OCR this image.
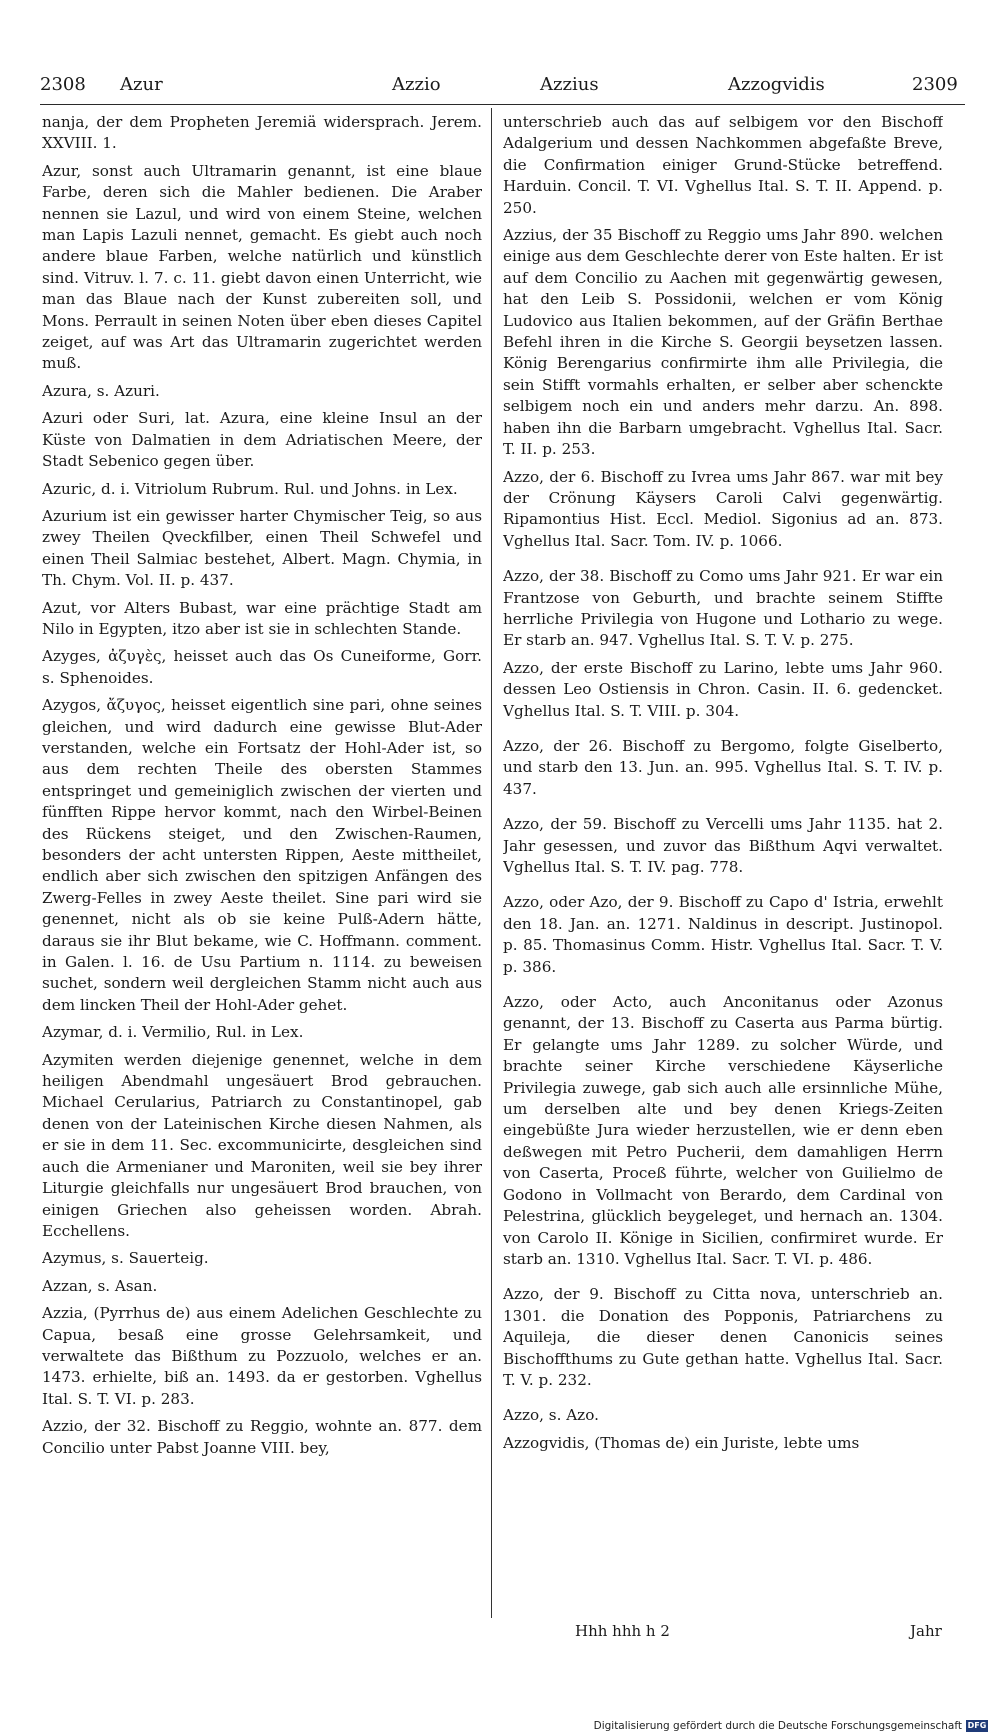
2308 Azur	Azzio	Azzius	Azzogvidis	2309

nanja, der dem Propheten Jeremiä widersprach. Jerem. XXVIII. 1.

Azur, sonst auch Ultramarin genannt, ist eine blaue Farbe, deren sich die Mahler bedienen. Die Araber nennen sie Lazul, und wird von einem Steine, welchen man Lapis Lazuli nennet, gemacht. Es giebt auch noch andere blaue Farben, welche natürlich und künstlich sind. Vitruv. l. 7. c. 11. giebt davon einen Unterricht, wie man das Blaue nach der Kunst zubereiten soll, und Mons. Perrault in seinen Noten über eben dieses Capitel zeiget, auf was Art das Ultramarin zugerichtet werden muß.

Azura, s. Azuri.

Azuri oder Suri, lat. Azura, eine kleine Insul an der Küste von Dalmatien in dem Adriatischen Meere, der Stadt Sebenico gegen über.

Azuric, d. i. Vitriolum Rubrum. Rul. und Johns. in Lex.

Azurium ist ein gewisser harter Chymischer Teig, so aus zwey Theilen Qveckfilber, einen Theil Schwefel und einen Theil Salmiac bestehet, Albert. Magn. Chymia, in Th. Chym. Vol. II. p. 437.

Azut, vor Alters Bubast, war eine prächtige Stadt am Nilo in Egypten, itzo aber ist sie in schlechten Stande.

Azyges, ἀζυγὲς, heisset auch das Os Cuneiforme, Gorr. s. Sphenoides.

Azygos, ἄζυγος, heisset eigentlich sine pari, ohne seines gleichen, und wird dadurch eine gewisse Blut-Ader verstanden, welche ein Fortsatz der Hohl-Ader ist, so aus dem rechten Theile des obersten Stammes entspringet und gemeiniglich zwischen der vierten und fünfften Rippe hervor kommt, nach den Wirbel-Beinen des Rückens steiget, und den Zwischen-Raumen, besonders der acht untersten Rippen, Aeste mittheilet, endlich aber sich zwischen den spitzigen Anfängen des Zwerg-Felles in zwey Aeste theilet. Sine pari wird sie genennet, nicht als ob sie keine Pulß-Adern hätte, daraus sie ihr Blut bekame, wie C. Hoffmann. comment. in Galen. l. 16. de Usu Partium n. 1114. zu beweisen suchet, sondern weil dergleichen Stamm nicht auch aus dem lincken Theil der Hohl-Ader gehet.

Azymar, d. i. Vermilio, Rul. in Lex.

Azymiten werden diejenige genennet, welche in dem heiligen Abendmahl ungesäuert Brod gebrauchen. Michael Cerularius, Patriarch zu Constantinopel, gab denen von der Lateinischen Kirche diesen Nahmen, als er sie in dem 11. Sec. excommunicirte, desgleichen sind auch die Armenianer und Maroniten, weil sie bey ihrer Liturgie gleichfalls nur ungesäuert Brod brauchen, von einigen Griechen also geheissen worden. Abrah. Ecchellens.

Azymus, s. Sauerteig.

Azzan, s. Asan.

Azzia, (Pyrrhus de) aus einem Adelichen Geschlechte zu Capua, besaß eine grosse Gelehrsamkeit, und verwaltete das Bißthum zu Pozzuolo, welches er an. 1473. erhielte, biß an. 1493. da er gestorben. Vghellus Ital. S. T. VI. p. 283.

Azzio, der 32. Bischoff zu Reggio, wohnte an. 877. dem Concilio unter Pabst Joanne VIII. bey,

unterschrieb auch das auf selbigem vor den Bischoff Adalgerium und dessen Nachkommen abgefaßte Breve, die Confirmation einiger Grund-Stücke betreffend. Harduin. Concil. T. VI. Vghellus Ital. S. T. II. Append. p. 250.

Azzius, der 35 Bischoff zu Reggio ums Jahr 890. welchen einige aus dem Geschlechte derer von Este halten. Er ist auf dem Concilio zu Aachen mit gegenwärtig gewesen, hat den Leib S. Possidonii, welchen er vom König Ludovico aus Italien bekommen, auf der Gräfin Berthae Befehl ihren in die Kirche S. Georgii beysetzen lassen. König Berengarius confirmirte ihm alle Privilegia, die sein Stifft vormahls erhalten, er selber aber schenckte selbigem noch ein und anders mehr darzu. An. 898. haben ihn die Barbarn umgebracht. Vghellus Ital. Sacr. T. II. p. 253.

Azzo, der 6. Bischoff zu Ivrea ums Jahr 867. war mit bey der Crönung Käysers Caroli Calvi gegenwärtig. Ripamontius Hist. Eccl. Mediol. Sigonius ad an. 873. Vghellus Ital. Sacr. Tom. IV. p. 1066.

Azzo, der 38. Bischoff zu Como ums Jahr 921. Er war ein Frantzose von Geburth, und brachte seinem Stiffte herrliche Privilegia von Hugone und Lothario zu wege. Er starb an. 947. Vghellus Ital. S. T. V. p. 275.

Azzo, der erste Bischoff zu Larino, lebte ums Jahr 960. dessen Leo Ostiensis in Chron. Casin. II. 6. gedencket. Vghellus Ital. S. T. VIII. p. 304.

Azzo, der 26. Bischoff zu Bergomo, folgte Giselberto, und starb den 13. Jun. an. 995. Vghellus Ital. S. T. IV. p. 437.

Azzo, der 59. Bischoff zu Vercelli ums Jahr 1135. hat 2. Jahr gesessen, und zuvor das Bißthum Aqvi verwaltet. Vghellus Ital. S. T. IV. pag. 778.

Azzo, oder Azo, der 9. Bischoff zu Capo d' Istria, erwehlt den 18. Jan. an. 1271. Naldinus in descript. Justinopol. p. 85. Thomasinus Comm. Histr. Vghellus Ital. Sacr. T. V. p. 386.

Azzo, oder Acto, auch Anconitanus oder Azonus genannt, der 13. Bischoff zu Caserta aus Parma bürtig. Er gelangte ums Jahr 1289. zu solcher Würde, und brachte seiner Kirche verschiedene Käyserliche Privilegia zuwege, gab sich auch alle ersinnliche Mühe, um derselben alte und bey denen Kriegs-Zeiten eingebüßte Jura wieder herzustellen, wie er denn eben deßwegen mit Petro Pucherii, dem damahligen Herrn von Caserta, Proceß führte, welcher von Guilielmo de Godono in Vollmacht von Berardo, dem Cardinal von Pelestrina, glücklich beygeleget, und hernach an. 1304. von Carolo II. Könige in Sicilien, confirmiret wurde. Er starb an. 1310. Vghellus Ital. Sacr. T. VI. p. 486.

Azzo, der 9. Bischoff zu Citta nova, unterschrieb an. 1301. die Donation des Popponis, Patriarchens zu Aquileja, die dieser denen Canonicis seines Bischoffthums zu Gute gethan hatte. Vghellus Ital. Sacr. T. V. p. 232.

Azzo, s. Azo.

Azzogvidis, (Thomas de) ein Juriste, lebte ums

Hhh hhh h 2	Jahr
Digitalisierung gefördert durch die Deutsche Forschungsgemeinschaft DFG
